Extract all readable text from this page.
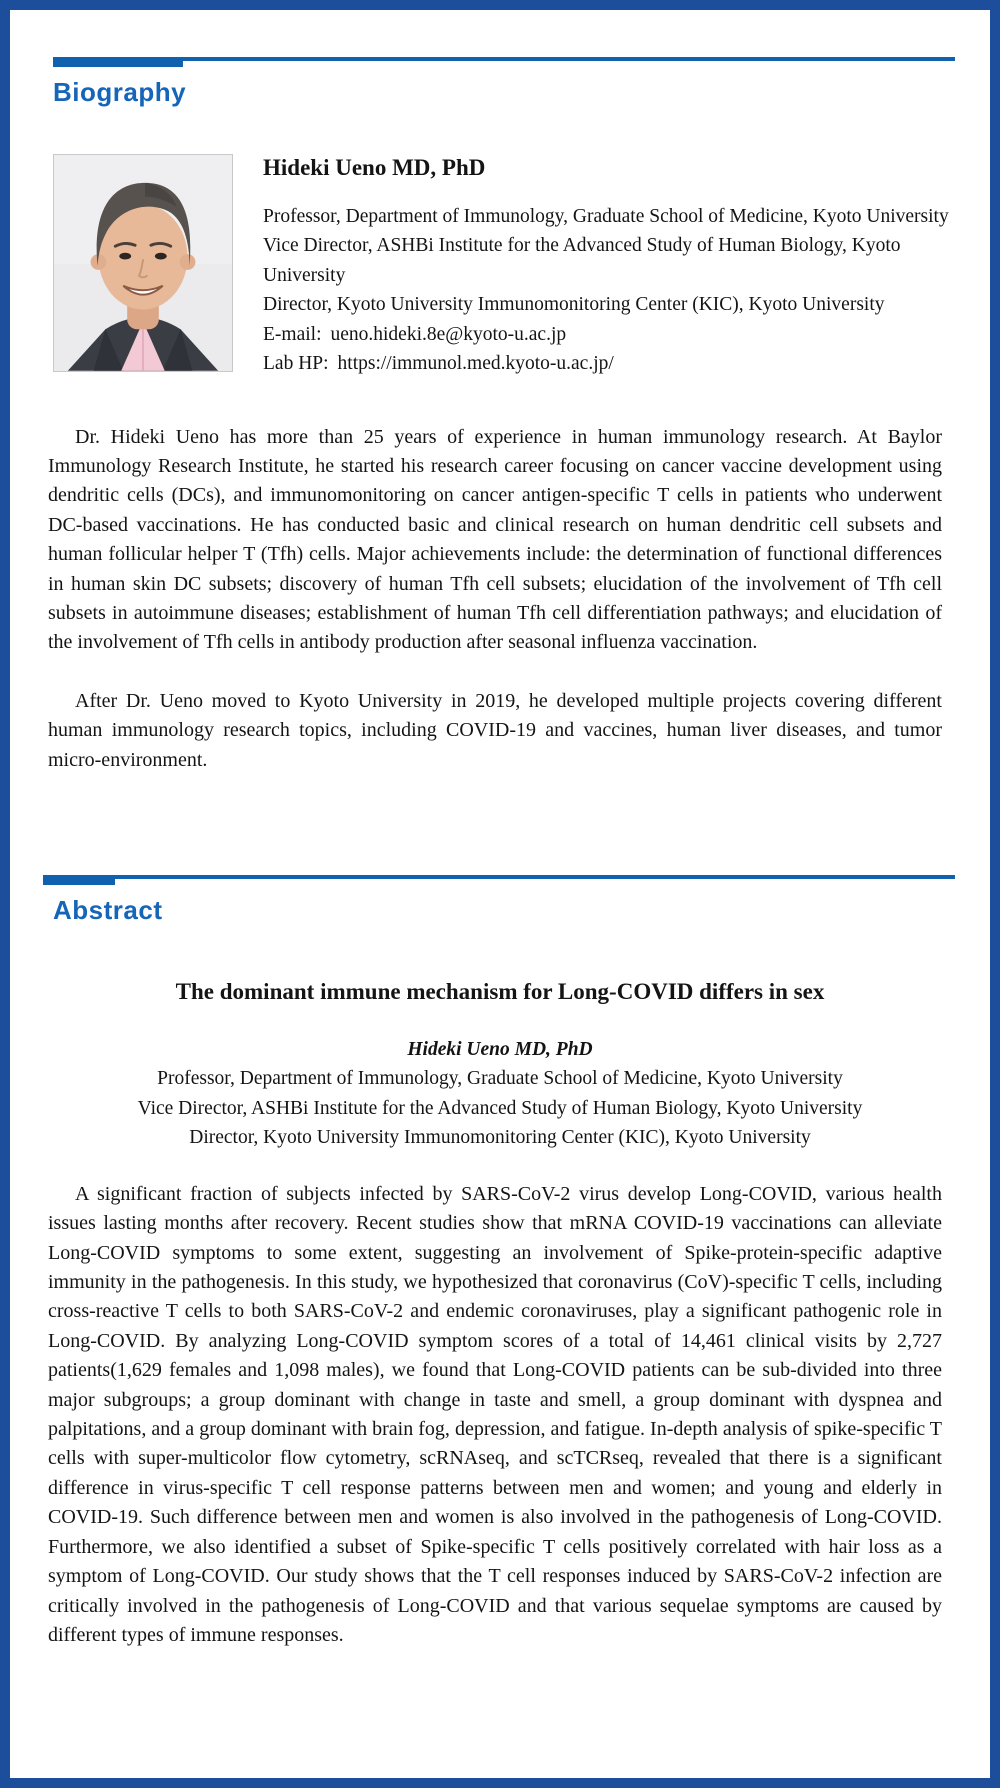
Biography
Hideki Ueno MD, PhD

Professor, Department of Immunology, Graduate School of Medicine, Kyoto University

Vice Director, ASHBi Institute for the Advanced Study of Human Biology, Kyoto University

Director, Kyoto University Immunomonitoring Center (KIC), Kyoto University

E-mail: ueno.hideki.8e@kyoto-u.ac.jp

Lab HP: https://immunol.med.kyoto-u.ac.jp/

Dr. Hideki Ueno has more than 25 years of experience in human immunology research. At Baylor Immunology Research Institute, he started his research career focusing on cancer vaccine development using dendritic cells (DCs), and immunomonitoring on cancer antigen-specific T cells in patients who underwent DC-based vaccinations. He has conducted basic and clinical research on human dendritic cell subsets and human follicular helper T (Tfh) cells. Major achievements include: the determination of functional differences in human skin DC subsets; discovery of human Tfh cell subsets; elucidation of the involvement of Tfh cell subsets in autoimmune diseases; establishment of human Tfh cell differentiation pathways; and elucidation of the involvement of Tfh cells in antibody production after seasonal influenza vaccination.

After Dr. Ueno moved to Kyoto University in 2019, he developed multiple projects covering different human immunology research topics, including COVID-19 and vaccines, human liver diseases, and tumor micro-environment.

Abstract
The dominant immune mechanism for Long-COVID differs in sex

Hideki Ueno MD, PhD

Professor, Department of Immunology, Graduate School of Medicine, Kyoto University

Vice Director, ASHBi Institute for the Advanced Study of Human Biology, Kyoto University

Director, Kyoto University Immunomonitoring Center (KIC), Kyoto University

A significant fraction of subjects infected by SARS-CoV-2 virus develop Long-COVID, various health issues lasting months after recovery. Recent studies show that mRNA COVID-19 vaccinations can alleviate Long-COVID symptoms to some extent, suggesting an involvement of Spike-protein-specific adaptive immunity in the pathogenesis. In this study, we hypothesized that coronavirus (CoV)-specific T cells, including cross-reactive T cells to both SARS-CoV-2 and endemic coronaviruses, play a significant pathogenic role in Long-COVID. By analyzing Long-COVID symptom scores of a total of 14,461 clinical visits by 2,727 patients(1,629 females and 1,098 males), we found that Long-COVID patients can be sub-divided into three major subgroups; a group dominant with change in taste and smell, a group dominant with dyspnea and palpitations, and a group dominant with brain fog, depression, and fatigue. In-depth analysis of spike-specific T cells with super-multicolor flow cytometry, scRNAseq, and scTCRseq, revealed that there is a significant difference in virus-specific T cell response patterns between men and women; and young and elderly in COVID-19. Such difference between men and women is also involved in the pathogenesis of Long-COVID. Furthermore, we also identified a subset of Spike-specific T cells positively correlated with hair loss as a symptom of Long-COVID. Our study shows that the T cell responses induced by SARS-CoV-2 infection are critically involved in the pathogenesis of Long-COVID and that various sequelae symptoms are caused by different types of immune responses.
